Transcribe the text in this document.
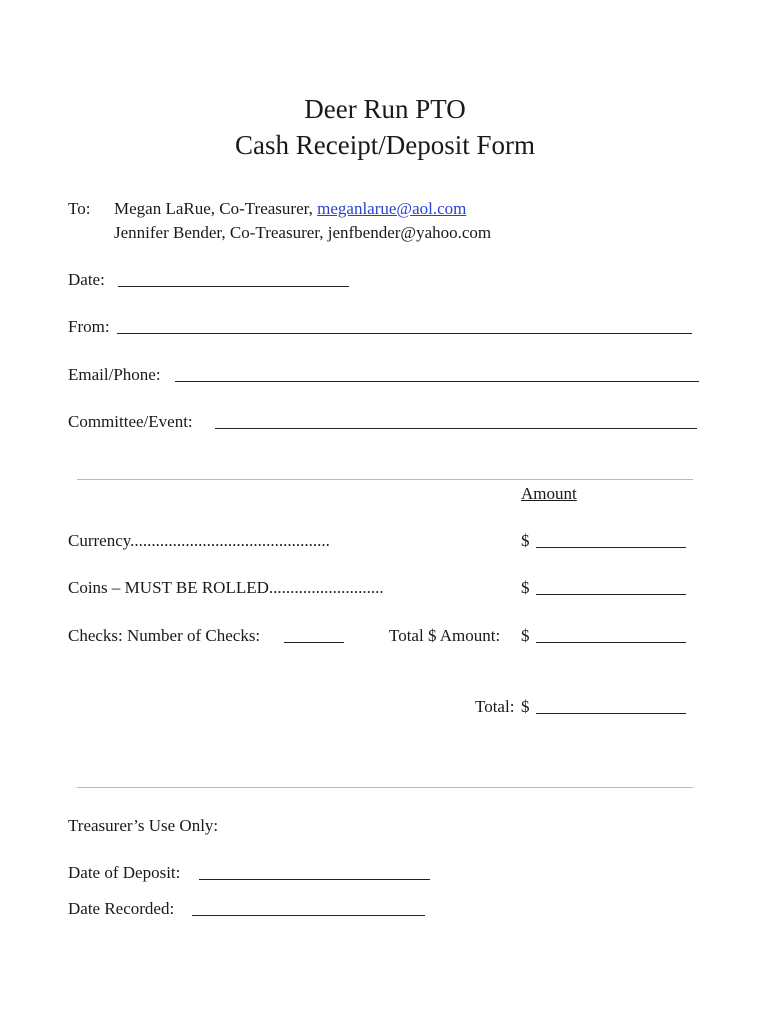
Deer Run PTO
Cash Receipt/Deposit Form
To: Megan LaRue, Co-Treasurer, meganlarue@aol.com
Jennifer Bender, Co-Treasurer, jenfbender@yahoo.com
Date:
From:
Email/Phone:
Committee/Event:
Amount
Currency...............................................	$
Coins – MUST BE ROLLED...........................	$
Checks: Number of Checks:	Total $ Amount: $
Total: $
Treasurer’s Use Only:
Date of Deposit:
Date Recorded:
